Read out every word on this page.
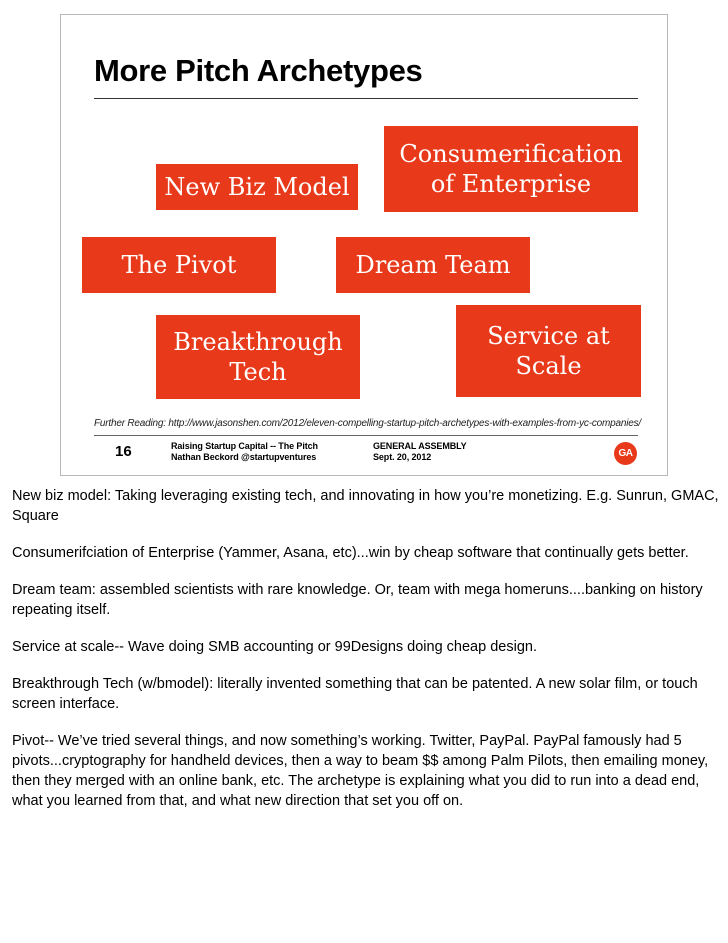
More Pitch Archetypes
New Biz Model
Consumerification
of Enterprise
The Pivot	Dream Team
Breakthrough
Tech
Service at
Scale
Further Reading: http://www.jasonshen.com/2012/eleven-compelling-startup-pitch-archetypes-with-examples-from-yc-companies/
16	Raising Startup Capital -- The Pitch
Nathan Beckord @startupventures
GENERAL ASSEMBLY
Sept. 20, 2012	GA

New biz model: Taking leveraging existing tech, and innovating in how you’re monetizing. E.g. Sunrun, GMAC, Square

Consumerifciation of Enterprise (Yammer, Asana, etc)...win by cheap software that continually gets better.

Dream team: assembled scientists with rare knowledge. Or, team with mega homeruns....banking on history repeating itself.

Service at scale-- Wave doing SMB accounting or 99Designs doing cheap design.

Breakthrough Tech (w/bmodel): literally invented something that can be patented. A new solar film, or touch screen interface.

Pivot-- We’ve tried several things, and now something’s working. Twitter, PayPal. PayPal famously had 5 pivots...cryptography for handheld devices, then a way to beam $$ among Palm Pilots, then emailing money, then they merged with an online bank, etc. The archetype is explaining what you did to run into a dead end, what you learned from that, and what new direction that set you off on.
